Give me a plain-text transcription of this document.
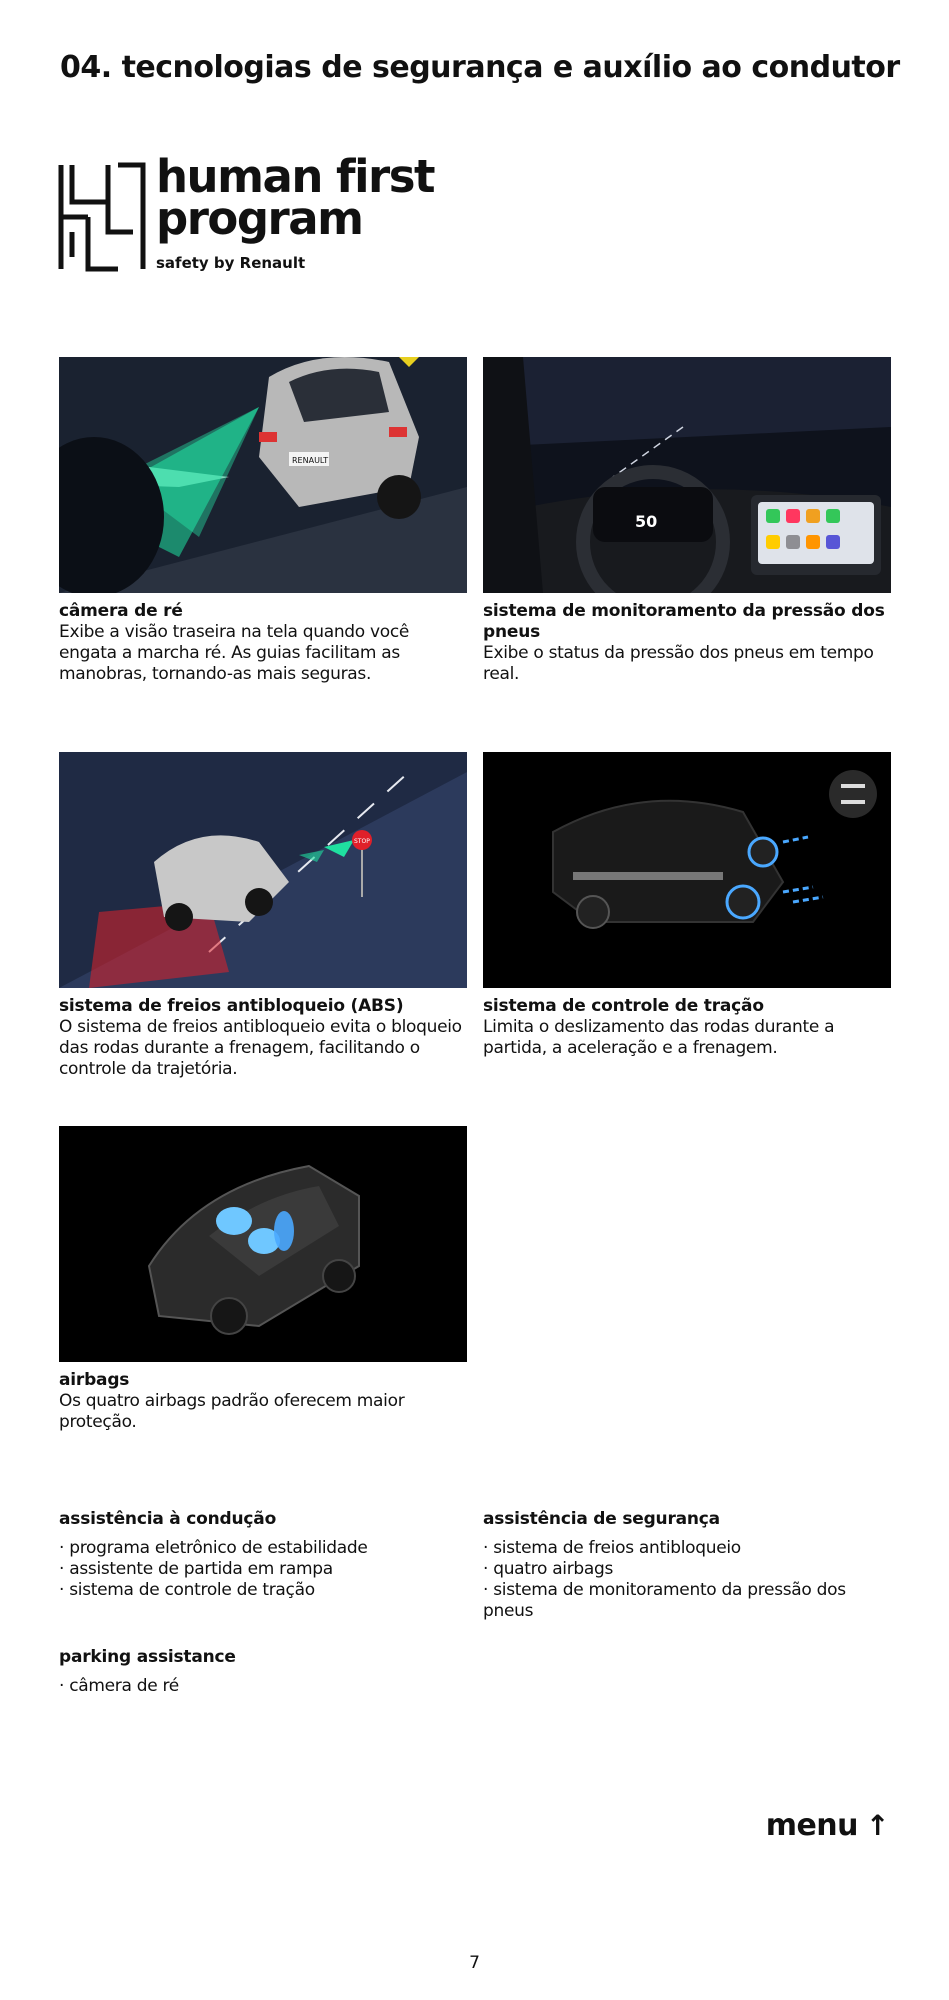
04. tecnologias de segurança e auxílio ao condutor
human first
program
safety by Renault
RENAULT
câmera de ré
Exibe a visão traseira na tela quando você engata a marcha ré. As guias facilitam as manobras, tornando-as mais seguras.
50
sistema de monitoramento da pressão dos pneus
Exibe o status da pressão dos pneus em tempo real.
STOP
sistema de freios antibloqueio (ABS)
O sistema de freios antibloqueio evita o bloqueio das rodas durante a frenagem, facilitando o controle da trajetória.
sistema de controle de tração
Limita o deslizamento das rodas durante a partida, a aceleração e a frenagem.
airbags
Os quatro airbags padrão oferecem maior proteção.
assistência à condução
· programa eletrônico de estabilidade
· assistente de partida em rampa
· sistema de controle de tração
assistência de segurança
· sistema de freios antibloqueio
· quatro airbags
· sistema de monitoramento da pressão dos pneus
parking assistance
· câmera de ré
menu ↑
7
